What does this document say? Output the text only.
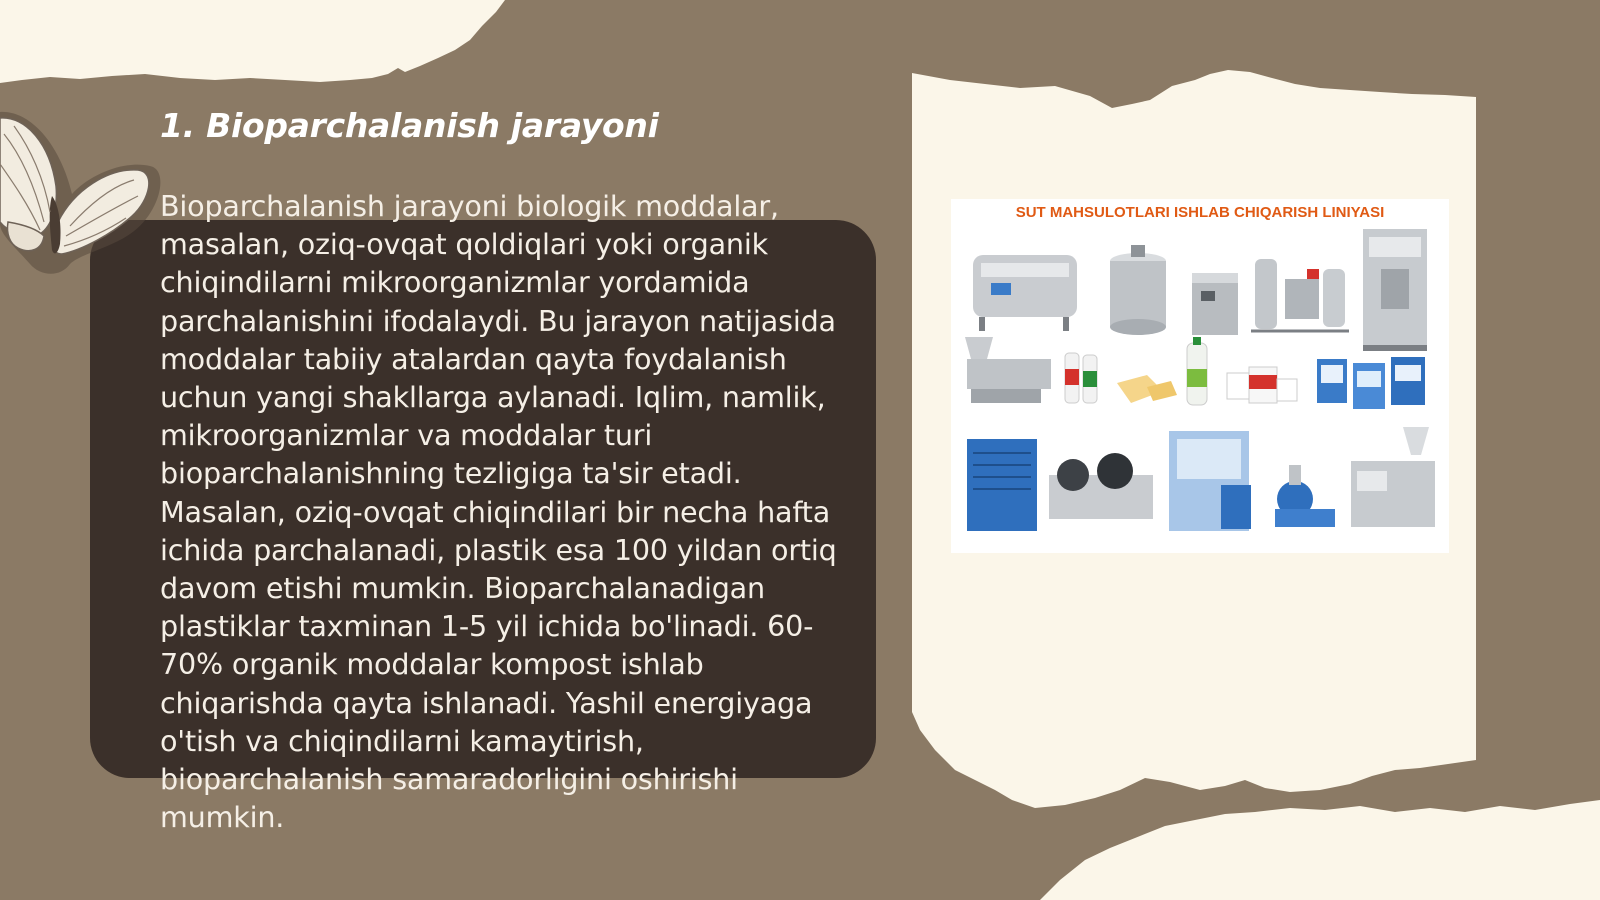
1. Bioparchalanish jarayoni

Bioparchalanish jarayoni biologik moddalar, masalan, oziq-ovqat qoldiqlari yoki organik chiqindilarni mikroorganizmlar yordamida parchalanishini ifodalaydi. Bu jarayon natijasida moddalar tabiiy atalardan qayta foydalanish uchun yangi shakllarga aylanadi. Iqlim, namlik, mikroorganizmlar va moddalar turi bioparchalanishning tezligiga ta'sir etadi. Masalan, oziq-ovqat chiqindilari bir necha hafta ichida parchalanadi, plastik esa 100 yildan ortiq davom etishi mumkin. Bioparchalanadigan plastiklar taxminan 1-5 yil ichida bo'linadi. 60-70% organik moddalar kompost ishlab chiqarishda qayta ishlanadi. Yashil energiyaga o'tish va chiqindilarni kamaytirish, bioparchalanish samaradorligini oshirishi mumkin.

SUT MAHSULOTLARI ISHLAB CHIQARISH LINIYASI
